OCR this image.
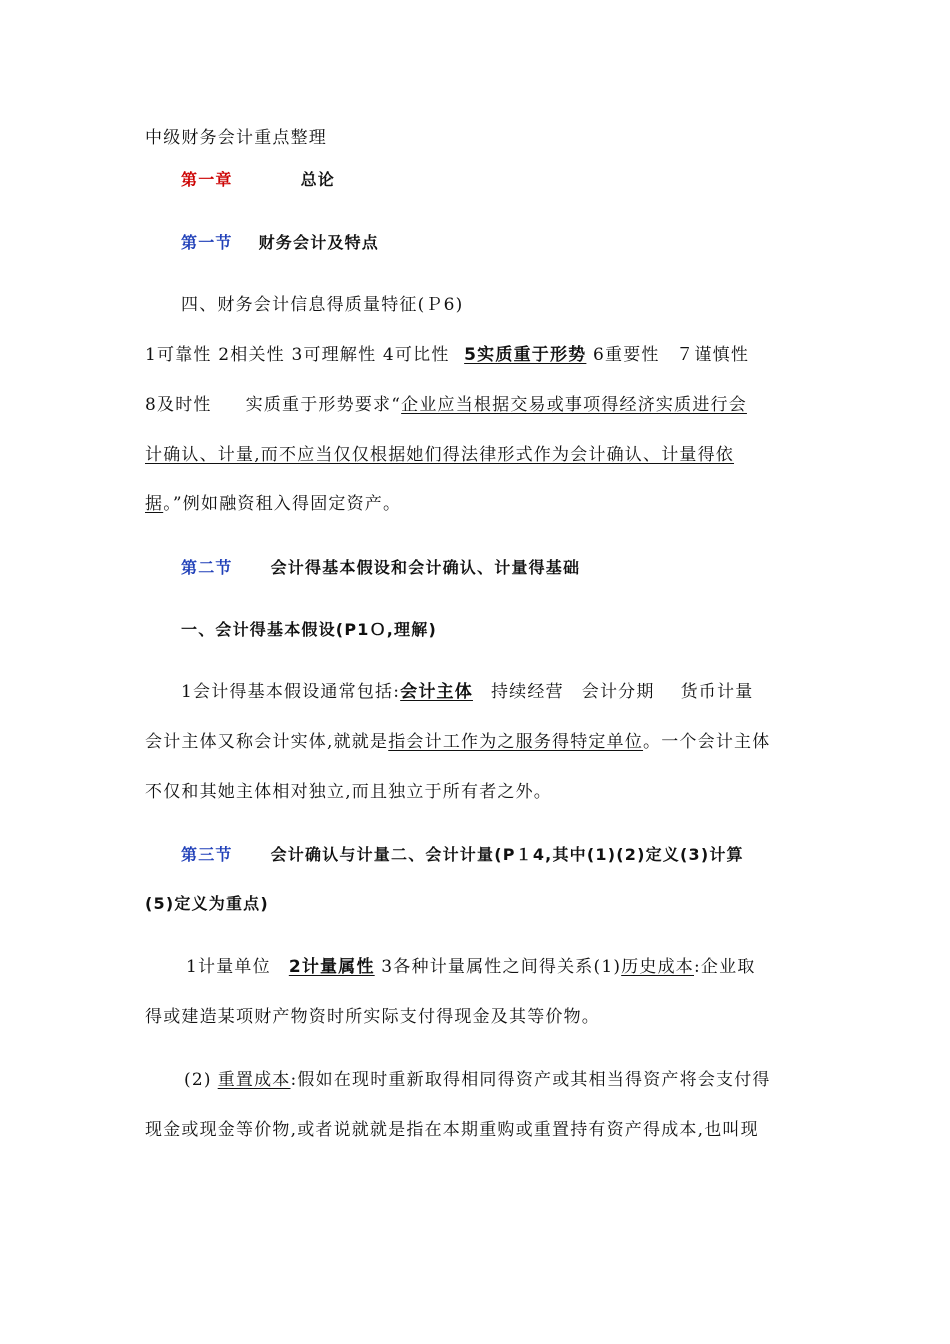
中级财务会计重点整理
第一章	总论
第一节 财务会计及特点
四、财务会计信息得质量特征(Ｐ6)
1可靠性 2相关性 3可理解性 4可比性 5实质重于形势 6重要性 ７谨慎性
8及时性 实质重于形势要求“企业应当根据交易或事项得经济实质进行会
计确认、计量,而不应当仅仅根据她们得法律形式作为会计确认、计量得依
据。”例如融资租入得固定资产。
第二节 会计得基本假设和会计确认、计量得基础
一、会计得基本假设(P1Ｏ,理解)
1会计得基本假设通常包括:会计主体 持续经营 会计分期 货币计量
会计主体又称会计实体,就就是指会计工作为之服务得特定单位。一个会计主体
不仅和其她主体相对独立,而且独立于所有者之外。
第三节 会计确认与计量二、会计计量(P１4,其中(1)(2)定义(3)计算
(5)定义为重点)
1计量单位 2计量属性 3各种计量属性之间得关系(1)历史成本:企业取
得或建造某项财产物资时所实际支付得现金及其等价物。
(2) 重置成本:假如在现时重新取得相同得资产或其相当得资产将会支付得
现金或现金等价物,或者说就就是指在本期重购或重置持有资产得成本,也叫现
